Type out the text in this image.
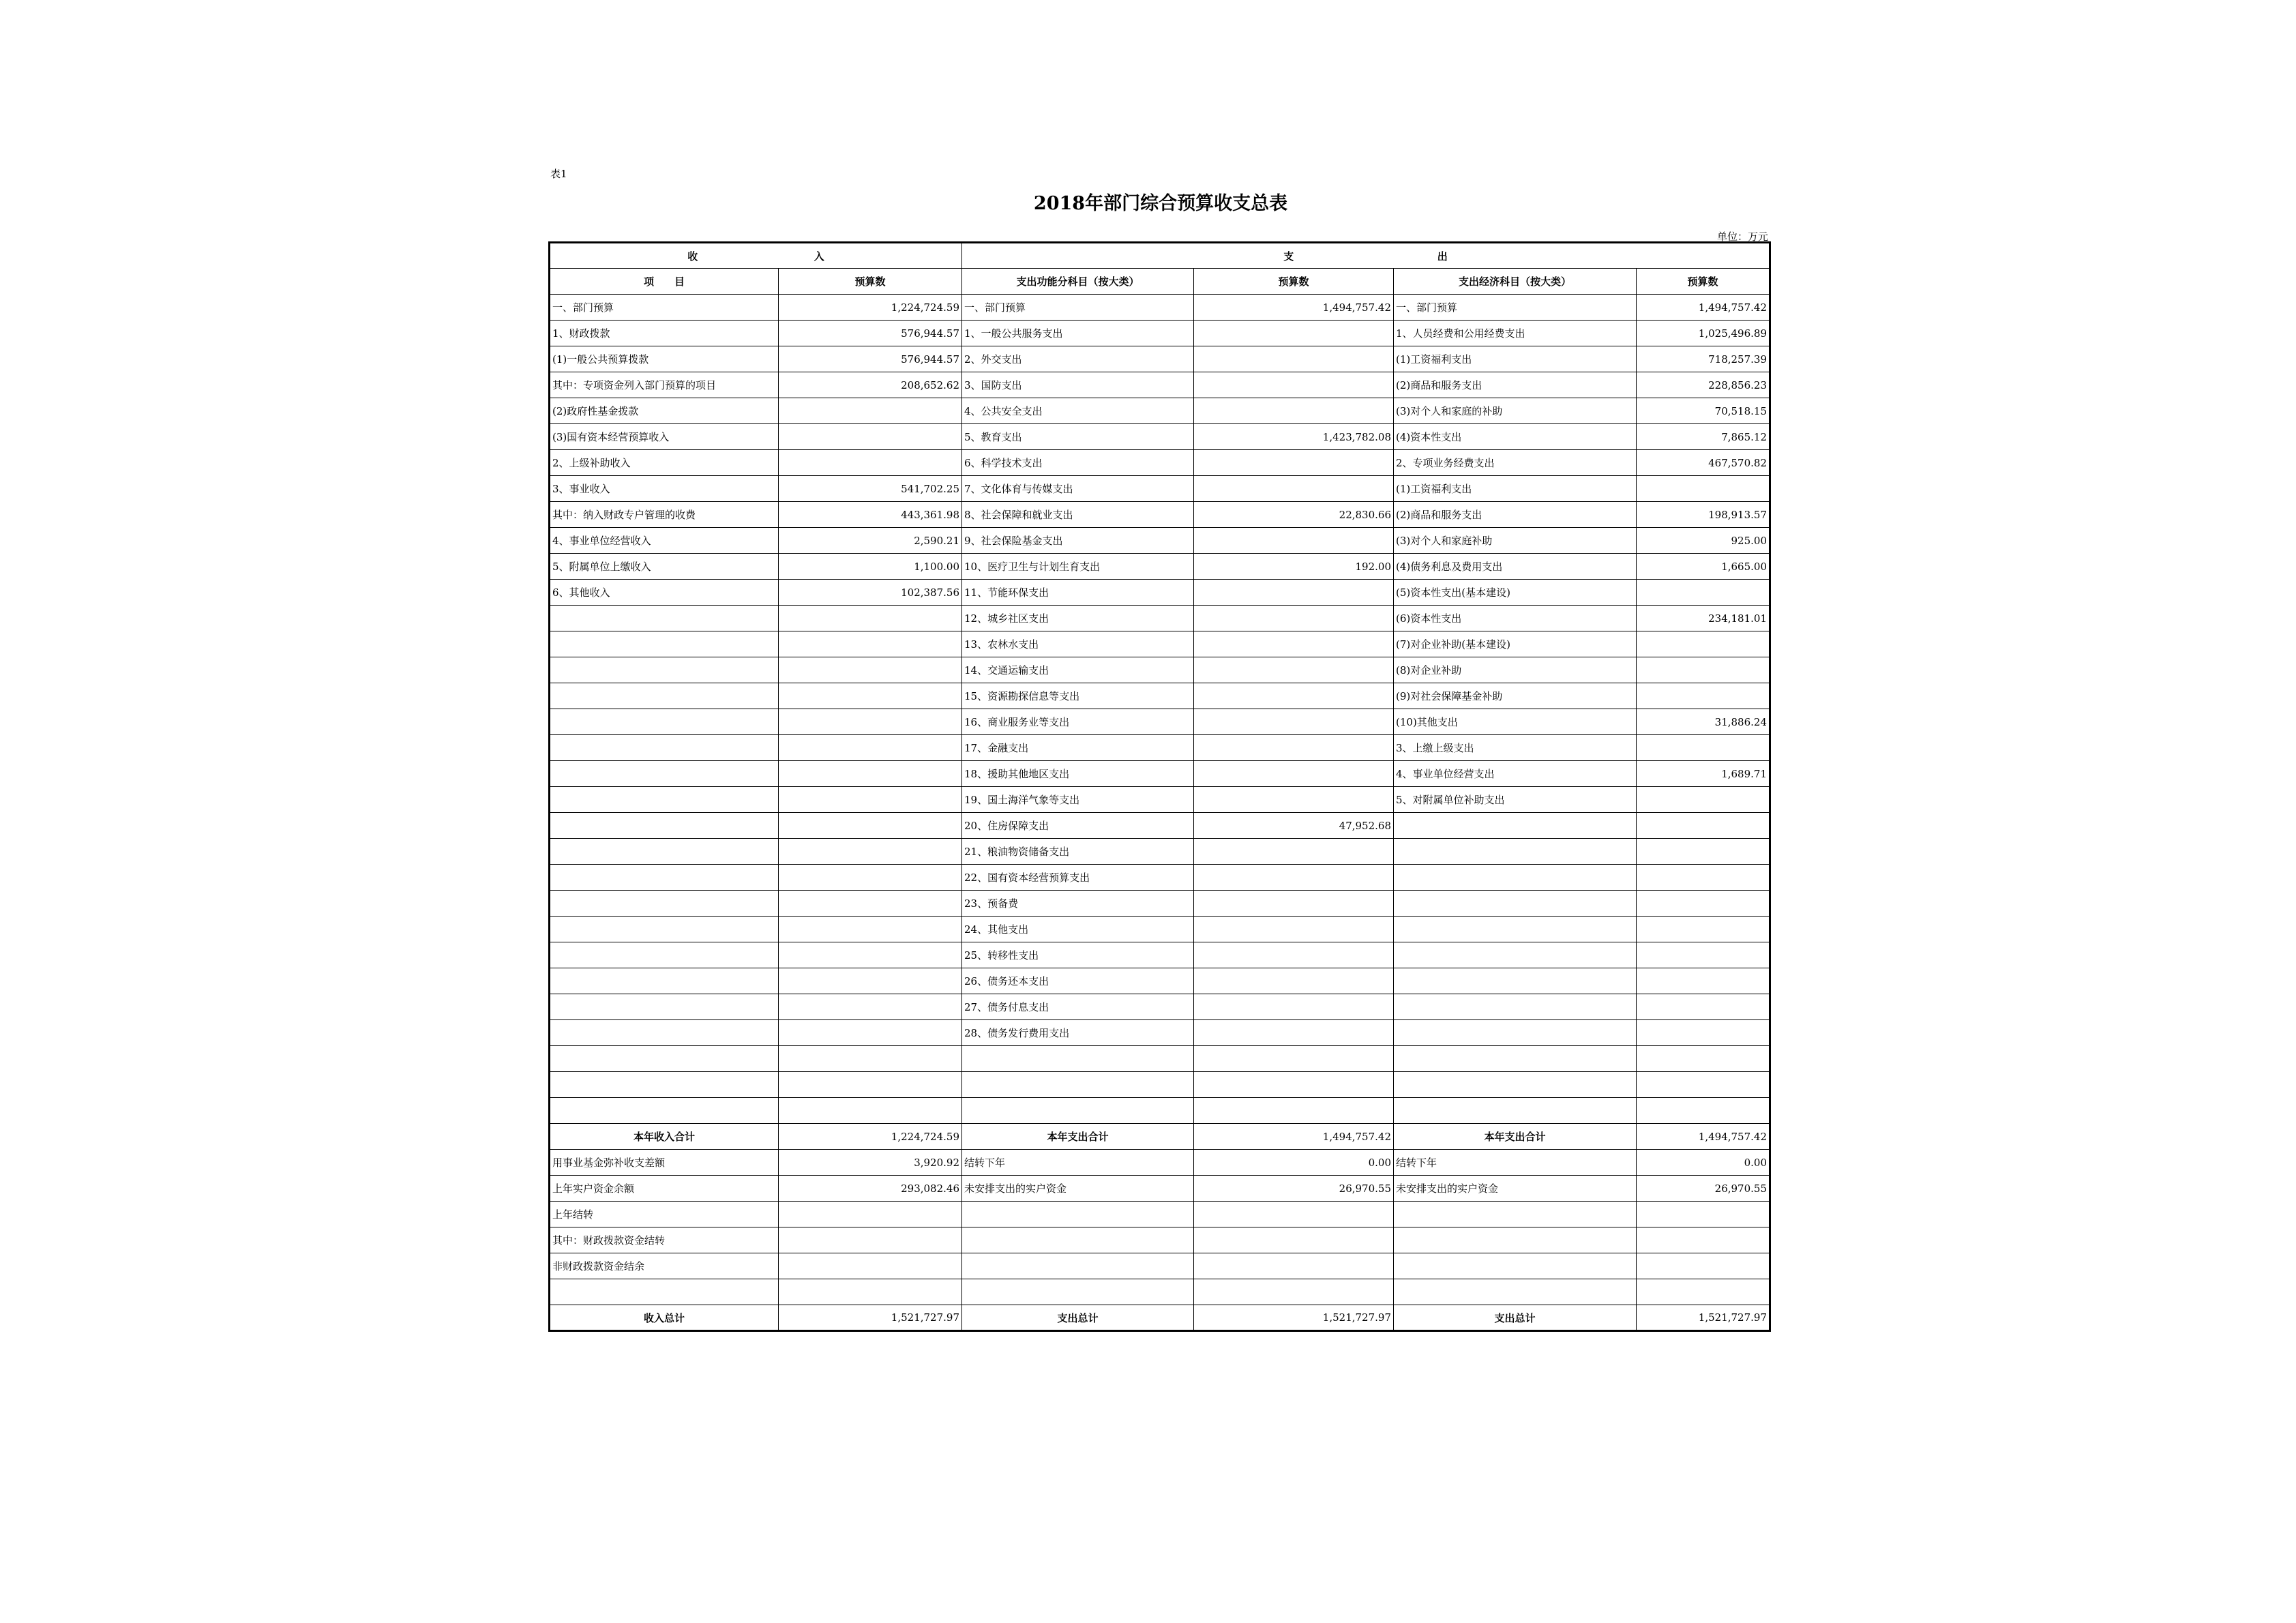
表1
2018年部门综合预算收支总表
单位：万元
收 入		支 出			
项　　目	预算数	支出功能分科目（按大类）	预算数	支出经济科目（按大类）	预算数
一、部门预算	1,224,724.59	一、部门预算	1,494,757.42	一、部门预算	1,494,757.42
1、财政拨款	576,944.57	1、一般公共服务支出		1、人员经费和公用经费支出	1,025,496.89
(1)一般公共预算拨款	576,944.57	2、外交支出		(1)工资福利支出	718,257.39
其中：专项资金列入部门预算的项目	208,652.62	3、国防支出		(2)商品和服务支出	228,856.23
(2)政府性基金拨款		4、公共安全支出		(3)对个人和家庭的补助	70,518.15
(3)国有资本经营预算收入		5、教育支出	1,423,782.08	(4)资本性支出	7,865.12
2、上级补助收入		6、科学技术支出		2、专项业务经费支出	467,570.82
3、事业收入	541,702.25	7、文化体育与传媒支出		(1)工资福利支出	
其中：纳入财政专户管理的收费	443,361.98	8、社会保障和就业支出	22,830.66	(2)商品和服务支出	198,913.57
4、事业单位经营收入	2,590.21	9、社会保险基金支出		(3)对个人和家庭补助	925.00
5、附属单位上缴收入	1,100.00	10、医疗卫生与计划生育支出	192.00	(4)债务利息及费用支出	1,665.00
6、其他收入	102,387.56	11、节能环保支出		(5)资本性支出(基本建设)	
		12、城乡社区支出		(6)资本性支出	234,181.01
		13、农林水支出		(7)对企业补助(基本建设)	
		14、交通运输支出		(8)对企业补助	
		15、资源勘探信息等支出		(9)对社会保障基金补助	
		16、商业服务业等支出		(10)其他支出	31,886.24
		17、金融支出		3、上缴上级支出	
		18、援助其他地区支出		4、事业单位经营支出	1,689.71
		19、国土海洋气象等支出		5、对附属单位补助支出	
		20、住房保障支出	47,952.68		
		21、粮油物资储备支出			
		22、国有资本经营预算支出			
		23、预备费			
		24、其他支出			
		25、转移性支出			
		26、债务还本支出			
		27、债务付息支出			
		28、债务发行费用支出			

本年收入合计	1,224,724.59	本年支出合计	1,494,757.42	本年支出合计	1,494,757.42
用事业基金弥补收支差额	3,920.92	结转下年	0.00	结转下年	0.00
上年实户资金余额	293,082.46	未安排支出的实户资金	26,970.55	未安排支出的实户资金	26,970.55
上年结转					
其中：财政拨款资金结转					
非财政拨款资金结余					

收入总计	1,521,727.97	支出总计	1,521,727.97	支出总计	1,521,727.97
